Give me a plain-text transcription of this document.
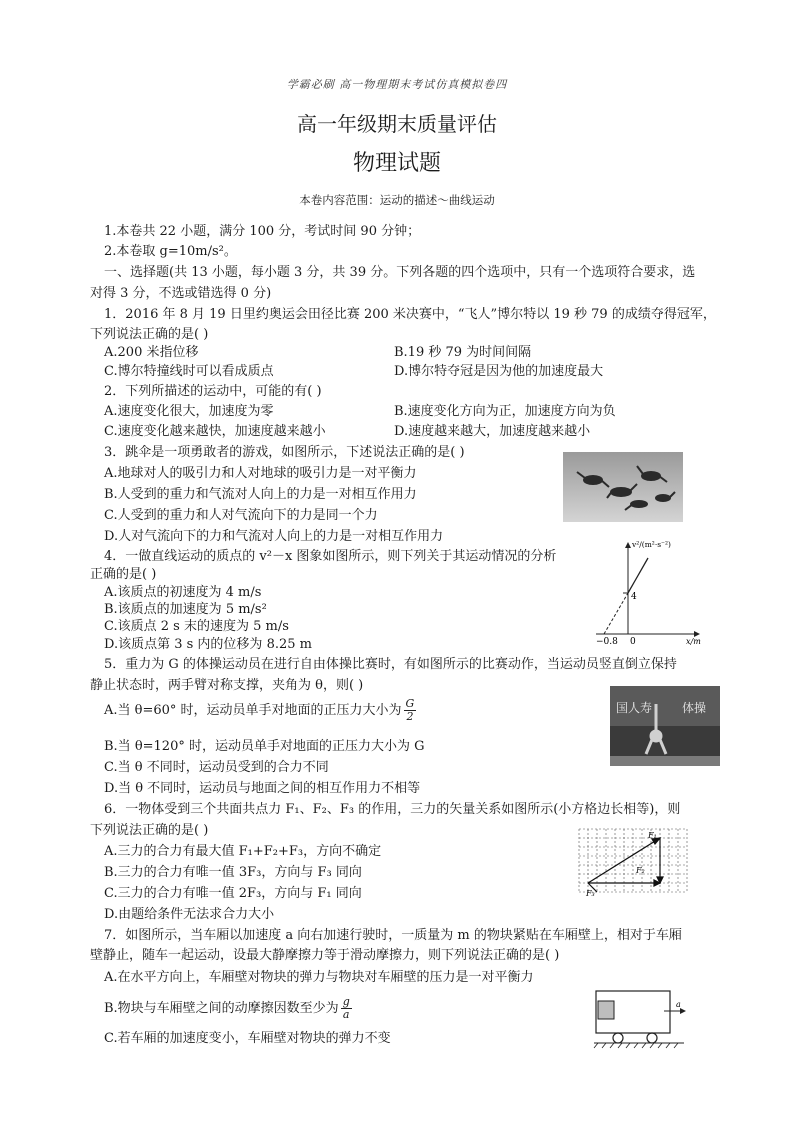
学霸必刷 高一物理期末考试仿真模拟卷四
高一年级期末质量评估
物理试题
本卷内容范围：运动的描述～曲线运动
1.本卷共 22 小题，满分 100 分，考试时间 90 分钟；
2.本卷取 g=10m/s²。
一、选择题(共 13 小题，每小题 3 分，共 39 分。下列各题的四个选项中，只有一个选项符合要求，选
对得 3 分，不选或错选得 0 分)
1．2016 年 8 月 19 日里约奥运会田径比赛 200 米决赛中，“飞人”博尔特以 19 秒 79 的成绩夺得冠军，
下列说法正确的是( )
A.200 米指位移	B.19 秒 79 为时间间隔
C.博尔特撞线时可以看成质点	D.博尔特夺冠是因为他的加速度最大
2．下列所描述的运动中，可能的有( )
A.速度变化很大，加速度为零	B.速度变化方向为正，加速度方向为负
C.速度变化越来越快，加速度越来越小	D.速度越来越大，加速度越来越小
3．跳伞是一项勇敢者的游戏，如图所示，下述说法正确的是( )
A.地球对人的吸引力和人对地球的吸引力是一对平衡力
B.人受到的重力和气流对人向上的力是一对相互作用力
C.人受到的重力和人对气流向下的力是同一个力
D.人对气流向下的力和气流对人向上的力是一对相互作用力
4．一做直线运动的质点的 v²－x 图象如图所示，则下列关于其运动情况的分析
正确的是( )
A.该质点的初速度为 4 m/s
B.该质点的加速度为 5 m/s²
C.该质点 2 s 末的速度为 5 m/s
D.该质点第 3 s 内的位移为 8.25 m
v²/(m²·s⁻²)
x/m
4
−0.8 0
5．重力为 G 的体操运动员在进行自由体操比赛时，有如图所示的比赛动作，当运动员竖直倒立保持
静止状态时，两手臂对称支撑，夹角为 θ，则( )
A.当 θ=60° 时，运动员单手对地面的正压力大小为 $\frac{G}{2}$
B.当 θ=120° 时，运动员单手对地面的正压力大小为 G
C.当 θ 不同时，运动员受到的合力不同
D.当 θ 不同时，运动员与地面之间的相互作用力不相等
国人寿 体操
6．一物体受到三个共面共点力 F₁、F₂、F₃ 的作用，三力的矢量关系如图所示(小方格边长相等)，则
下列说法正确的是( )
A.三力的合力有最大值 F₁+F₂+F₃，方向不确定
B.三力的合力有唯一值 3F₃，方向与 F₃ 同向
C.三力的合力有唯一值 2F₃，方向与 F₁ 同向
D.由题给条件无法求合力大小
F₁
F₂
F₃
7．如图所示，当车厢以加速度 a 向右加速行驶时，一质量为 m 的物块紧贴在车厢壁上，相对于车厢
壁静止，随车一起运动，设最大静摩擦力等于滑动摩擦力，则下列说法正确的是( )
A.在水平方向上，车厢壁对物块的弹力与物块对车厢壁的压力是一对平衡力
B.物块与车厢壁之间的动摩擦因数至少为 $\frac{g}{a}$
C.若车厢的加速度变小，车厢壁对物块的弹力不变
a
